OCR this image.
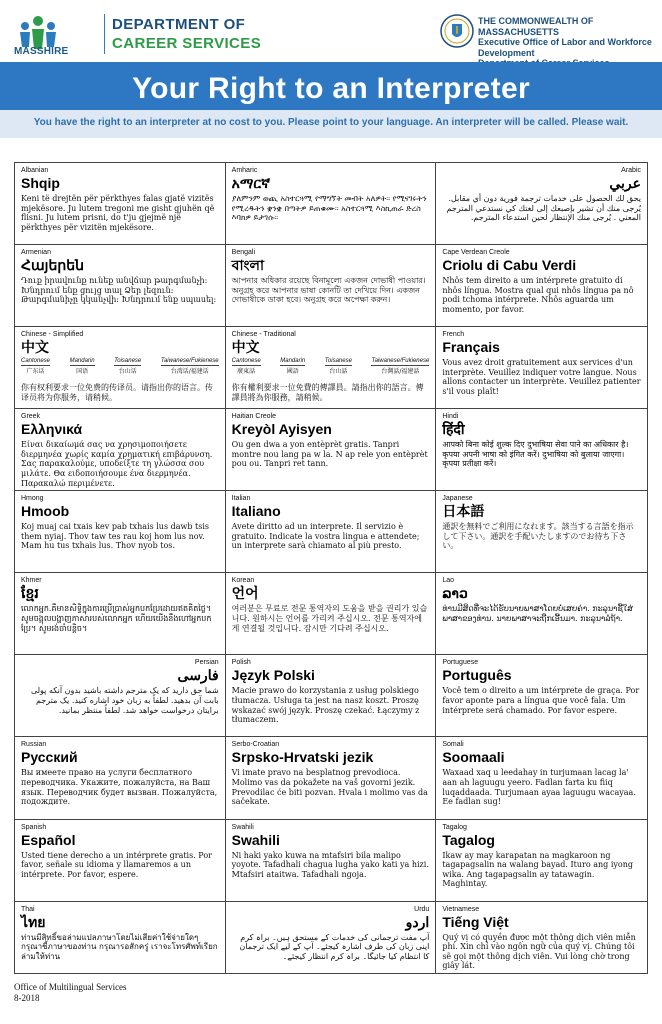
MASSHIRE
DEPARTMENT OF
CAREER SERVICES
THE COMMONWEALTH OF MASSACHUSETTS
Executive Office of Labor and Workforce Development
Your Right to an Interpreter
You have the right to an interpreter at no cost to you. Please point to your language. An interpreter will be called. Please wait.
Albanian
Shqip
Keni të drejtën për përkthyes falas gjatë vizitës mjekësore. Ju lutem tregoni me gisht gjuhën që flisni. Ju lutem prisni, do t'ju gjejmë një përkthyes për vizitën mjekësore.
Amharic
አማርኛ
ያለምንም ወጪ አስተርጓሚ የማግኘት መብት አለዎት። የሚናገሩትን የሚረዱትን ቋንቋ በጣትዎ ይጠቁሙ። አስተርጓሚ እስኪጠራ ድረስ እባክዎ ይታገሱ።
Arabic
عربي
يحق لك الحصول على خدمات ترجمة فورية دون أي مقابل. يُرجى منك أن تشير بإصبعك إلى لغتك كي نستدعي المترجم المعني . يُرجى منك الإنتظار لحين استدعاء المترجم.
Armenian
Հայերեն
Դուք իրավունք ունեք անվճար թարգմանչի: Խնդրում ենք ցույց տալ Ձեր լեզուն: Թարգմանիչը կկանչվի: Խնդրում ենք սպասել:
Bengali
বাংলা
আপনার অধিকার রয়েছে বিনামূল্যে একজন দোভাষী পাওয়ার। অনুগ্রহ করে আপনার ভাষা কোনটি তা দেখিয়ে দিন। একজন দোভাষীকে ডাকা হবে। অনুগ্রহ করে অপেক্ষা করুন।
Cape Verdean Creole
Criolu di Cabu Verdi
Nhôs tem direito a um intérprete gratuito di nhôs língua. Mostra qual qui nhôs língua pa nô podi tchoma intérprete. Nhôs aguarda um momento, por favor.
Chinese - Simplified
中文
Cantonese
广东话
Mandarin
国语
Toisanese
台山话
Taiwanese/Fukienese
台湾话/福建话
你有权利要求一位免费的传译员。请指出你的语言。传译员将为你服务，请稍候。
Chinese - Traditional
中文
Cantonese
廣東話
Mandarin
國語
Toisanese
台山話
Taiwanese/Fukienese
台灣話/福建話
你有權利要求一位免費的傳譯員。請指出你的語言。傳譯員將為你服務，請稍候。
French
Français
Vous avez droit gratuitement aux services d'un interprète. Veuillez indiquer votre langue. Nous allons contacter un interprète. Veuillez patienter s'il vous plaît!
Greek
Ελληνικά
Είναι δικαίωμά σας να χρησιμοποιήσετε διερμηνέα χωρίς καμία χρηματική επιβάρυνση. Σας παρακαλούμε, υποδείξτε τη γλώσσα σου μιλάτε. Θα ειδοποιήσουμε ένα διερμηνέα. Παρακαλώ περιμένετε.
Haitian Creole
Kreyòl Ayisyen
Ou gen dwa a yon entèprèt gratis. Tanpri montre nou lang pa w la. N ap rele yon entèprèt pou ou. Tanpri ret tann.
Hindi
हिंदी
आपको बिना कोई शुल्क दिए दुभाषिया सेवा पाने का अधिकार है। कृपया अपनी भाषा को इंगित करें। दुभाषिया को बुलाया जाएगा। कृपया प्रतीक्षा करें।
Hmong
Hmoob
Koj muaj cai txais kev pab txhais lus dawb tsis them nyiaj. Thov taw tes rau koj hom lus nov. Mam hu tus txhais lus. Thov nyob tos.
Italian
Italiano
Avete diritto ad un interprete. Il servizio è gratuito. Indicate la vostra lingua e attendete; un interprete sarà chiamato al più presto.
Japanese
日本語
通訳を無料でご利用になれます。該当する言語を指示して下さい。通訳を手配いたしますのでお待ち下さい。
Khmer
ខ្មែរ
លោកអ្នក.គឺមានសិទ្ធិក្នុងការប្រើប្រាស់អ្នកបកប្រែដោយឥតគិតថ្លៃ។ សូមចង្អុលបង្ហាញភាសារបស់លោកអ្នក ហើយយើងនឹងហៅអ្នកបកប្រែ។ សូមរង់ចាំបន្តិច។
Korean
언어
여러분은 무료로 전문 통역자의 도움을 받을 권리가 있습니다. 원하시는 언어를 가리켜 주십시오. 전문 통역자에게 연결될 것입니다. 잠시만 기다려 주십시오.
Lao
ລາວ
ທ່ານມີສິດທີ່ຈະໄດ້ຮັບນາຍພາສາໂດຍບໍ່ເສຍຄ່າ. ກະລຸນາຊີ້ໃສ່ພາສາຂອງທ່ານ. ນາຍພາສາຈະຖືກເອີ້ນມາ. ກະລຸນາລໍຖ້າ.
Persian
فارسی
شما حق دارید که یک مترجم داشته باشید بدون آنکه پولی بابت آن بدهید. لطفاً به زبان خود اشاره کنید. یک مترجم برایتان درخواست خواهد شد. لطفاً منتظر بمانید.
Polish
Język Polski
Macie prawo do korzystania z usług polskiego tłumacza. Usługa ta jest na nasz koszt. Proszę wskazać swój język. Proszę czekać. Łączymy z tłumaczem.
Portuguese
Português
Você tem o direito a um intérprete de graça. Por favor aponte para a língua que você fala. Um intérprete será chamado. Por favor espere.
Russian
Русский
Вы имеете право на услуги бесплатного переводчика. Укажите, пожалуйста, на Ваш язык. Переводчик будет вызван. Пожалуйста, подождите.
Serbo-Croatian
Srpsko-Hrvatski jezik
Vi imate pravo na besplatnog prevodioca. Molimo vas da pokažete na vaš govorni jezik. Prevodilac će biti pozvan. Hvala i molimo vas da sačekate.
Somali
Soomaali
Waxaad xaq u leedahay in turjumaan lacag la' aan ah laguugu yeero. Fadlan farta ku fiiq luqaddaada. Turjumaan ayaa laguugu wacayaa. Ee fadlan sug!
Spanish
Español
Usted tiene derecho a un intérprete gratis. Por favor, señale su idioma y llamaremos a un intérprete. Por favor, espere.
Swahili
Swahili
Ni haki yako kuwa na mtafsiri bila malipo yoyote. Tafadhali chagua lugha yako kati ya hizi. Mtafsiri ataitwa. Tafadhali ngoja.
Tagalog
Tagalog
Ikaw ay may karapatan na magkaroon ng tagapagsalin na walang bayad. Ituro ang iyong wika. Ang tagapagsalin ay tatawagin. Maghintay.
Thai
ไทย
ท่านมีสิทธิ์ขอล่ามแปลภาษาโดยไม่เสียค่าใช้จ่ายใดๆ กรุณาชี้ภาษาของท่าน กรุณารอสักครู่ เราจะโทรศัพท์เรียกล่ามให้ท่าน
Urdu
اردو
آپ مفت ترجمانی کی خدمات کے مستحق ہیں۔ براہ کرم اپنی زبان کی طرف اشارہ کیجئے۔ آپ کے لیے ایک ترجمان کا انتظام کیا جائیگا۔ براہ کرم انتظار کیجئے۔
Vietnamese
Tiếng Việt
Quý vị có quyền được một thông dịch viên miễn phí. Xin chỉ vào ngôn ngữ của quý vị. Chúng tôi sẽ gọi một thông dịch viên. Vui lòng chờ trong giây lát.
Office of Multilingual Services
8-2018
